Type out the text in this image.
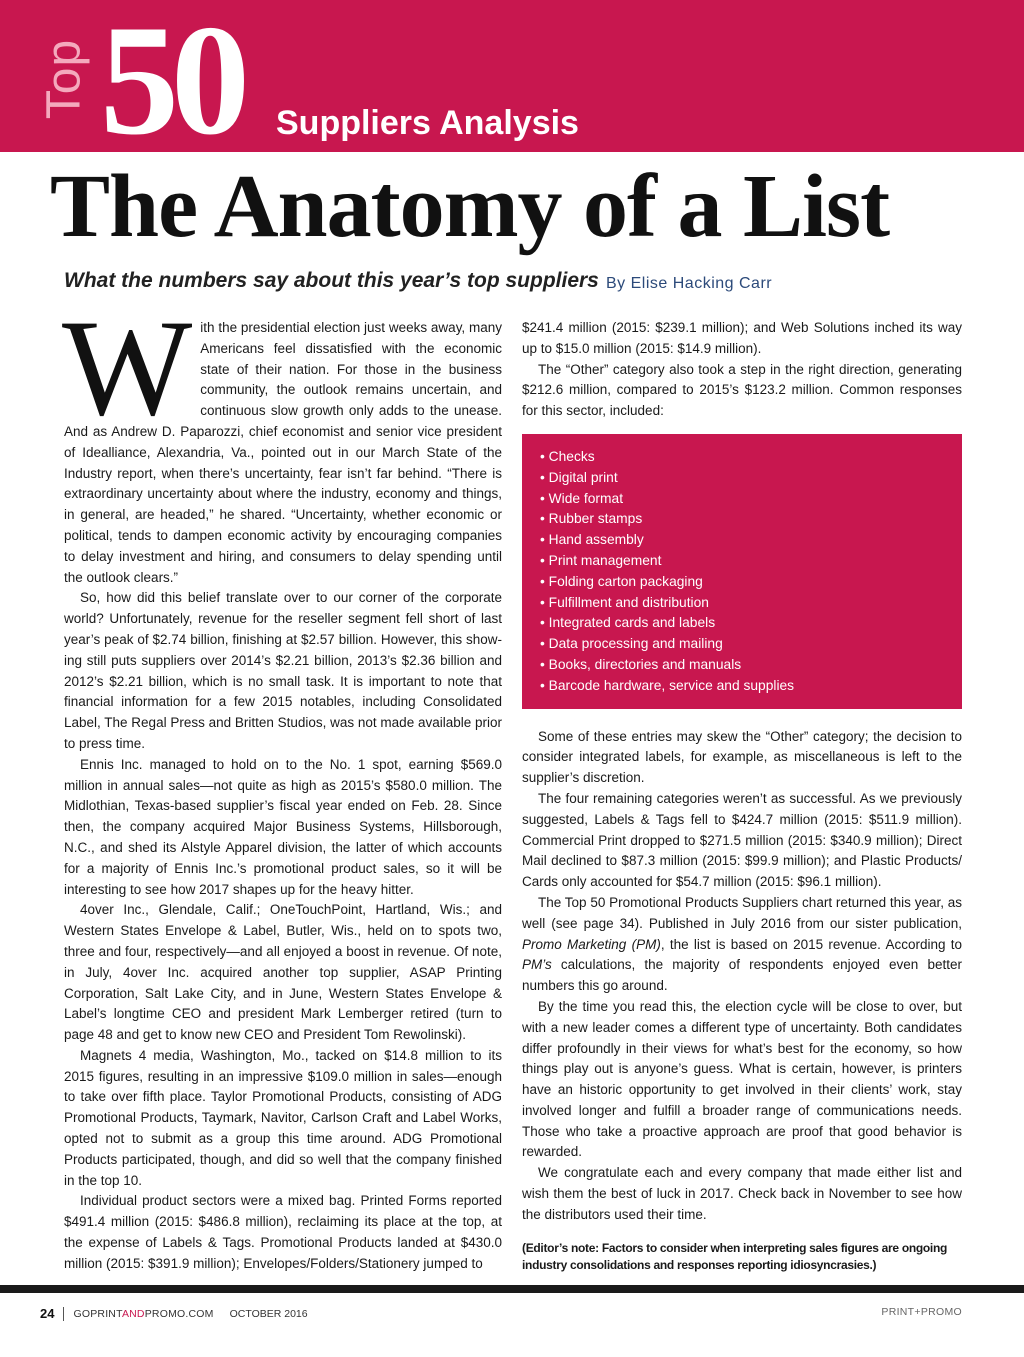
Top 50 Suppliers Analysis
The Anatomy of a List
What the numbers say about this year’s top suppliers By Elise Hacking Carr

With the presidential election just weeks away, many Americans feel dissatisfied with the economic state of their nation. For those in the business community, the outlook remains uncertain, and continuous slow growth only adds to the unease. And as Andrew D. Paparozzi, chief economist and senior vice president of Idealliance, Alexandria, Va., pointed out in our March State of the Industry report, when there’s uncertainty, fear isn’t far behind. “There is extraordinary uncertainty about where the industry, economy and things, in general, are headed,” he shared. “Uncertainty, whether economic or political, tends to dampen economic activity by encouraging companies to delay investment and hiring, and consumers to delay spending until the outlook clears.”

So, how did this belief translate over to our corner of the corporate world? Unfortunately, revenue for the reseller segment fell short of last year’s peak of $2.74 billion, finishing at $2.57 billion. However, this show-ing still puts suppliers over 2014’s $2.21 billion, 2013’s $2.36 billion and 2012’s $2.21 billion, which is no small task. It is important to note that financial information for a few 2015 notables, including Consolidated Label, The Regal Press and Britten Studios, was not made available prior to press time.

Ennis Inc. managed to hold on to the No. 1 spot, earning $569.0 million in annual sales—not quite as high as 2015’s $580.0 million. The Midlothian, Texas-based supplier’s fiscal year ended on Feb. 28. Since then, the company acquired Major Business Systems, Hillsborough, N.C., and shed its Alstyle Apparel division, the latter of which accounts for a majority of Ennis Inc.’s promotional product sales, so it will be interesting to see how 2017 shapes up for the heavy hitter.

4over Inc., Glendale, Calif.; OneTouchPoint, Hartland, Wis.; and Western States Envelope & Label, Butler, Wis., held on to spots two, three and four, respectively—and all enjoyed a boost in revenue. Of note, in July, 4over Inc. acquired another top supplier, ASAP Printing Corporation, Salt Lake City, and in June, Western States Envelope & Label’s longtime CEO and president Mark Lemberger retired (turn to page 48 and get to know new CEO and President Tom Rewolinski).

Magnets 4 media, Washington, Mo., tacked on $14.8 million to its 2015 figures, resulting in an impressive $109.0 million in sales—enough to take over fifth place. Taylor Promotional Products, consisting of ADG Promotional Products, Taymark, Navitor, Carlson Craft and Label Works, opted not to submit as a group this time around. ADG Promotional Products participated, though, and did so well that the company finished in the top 10.

Individual product sectors were a mixed bag. Printed Forms reported $491.4 million (2015: $486.8 million), reclaiming its place at the top, at the expense of Labels & Tags. Promotional Products landed at $430.0 million (2015: $391.9 million); Envelopes/Folders/Stationery jumped to

$241.4 million (2015: $239.1 million); and Web Solutions inched its way up to $15.0 million (2015: $14.9 million).

The “Other” category also took a step in the right direction, generating $212.6 million, compared to 2015’s $123.2 million. Common responses for this sector, included:

• Checks
• Digital print
• Wide format
• Rubber stamps
• Hand assembly
• Print management
• Folding carton packaging
• Fulfillment and distribution
• Integrated cards and labels
• Data processing and mailing
• Books, directories and manuals
• Barcode hardware, service and supplies

Some of these entries may skew the “Other” category; the decision to consider integrated labels, for example, as miscellaneous is left to the supplier’s discretion.

The four remaining categories weren’t as successful. As we previously suggested, Labels & Tags fell to $424.7 million (2015: $511.9 million). Commercial Print dropped to $271.5 million (2015: $340.9 million); Direct Mail declined to $87.3 million (2015: $99.9 million); and Plastic Products/ Cards only accounted for $54.7 million (2015: $96.1 million).

The Top 50 Promotional Products Suppliers chart returned this year, as well (see page 34). Published in July 2016 from our sister publication, Promo Marketing (PM), the list is based on 2015 revenue. According to PM’s calculations, the majority of respondents enjoyed even better numbers this go around.

By the time you read this, the election cycle will be close to over, but with a new leader comes a different type of uncertainty. Both candidates differ profoundly in their views for what’s best for the economy, so how things play out is anyone’s guess. What is certain, however, is printers have an historic opportunity to get involved in their clients’ work, stay involved longer and fulfill a broader range of communications needs. Those who take a proactive approach are proof that good behavior is rewarded.

We congratulate each and every company that made either list and wish them the best of luck in 2017. Check back in November to see how the distributors used their time.

(Editor’s note: Factors to consider when interpreting sales figures are ongoing industry consolidations and responses reporting idiosyncrasies.)
24 GOPRINTANDPROMO.COM OCTOBER 2016	PRINT+PROMO
